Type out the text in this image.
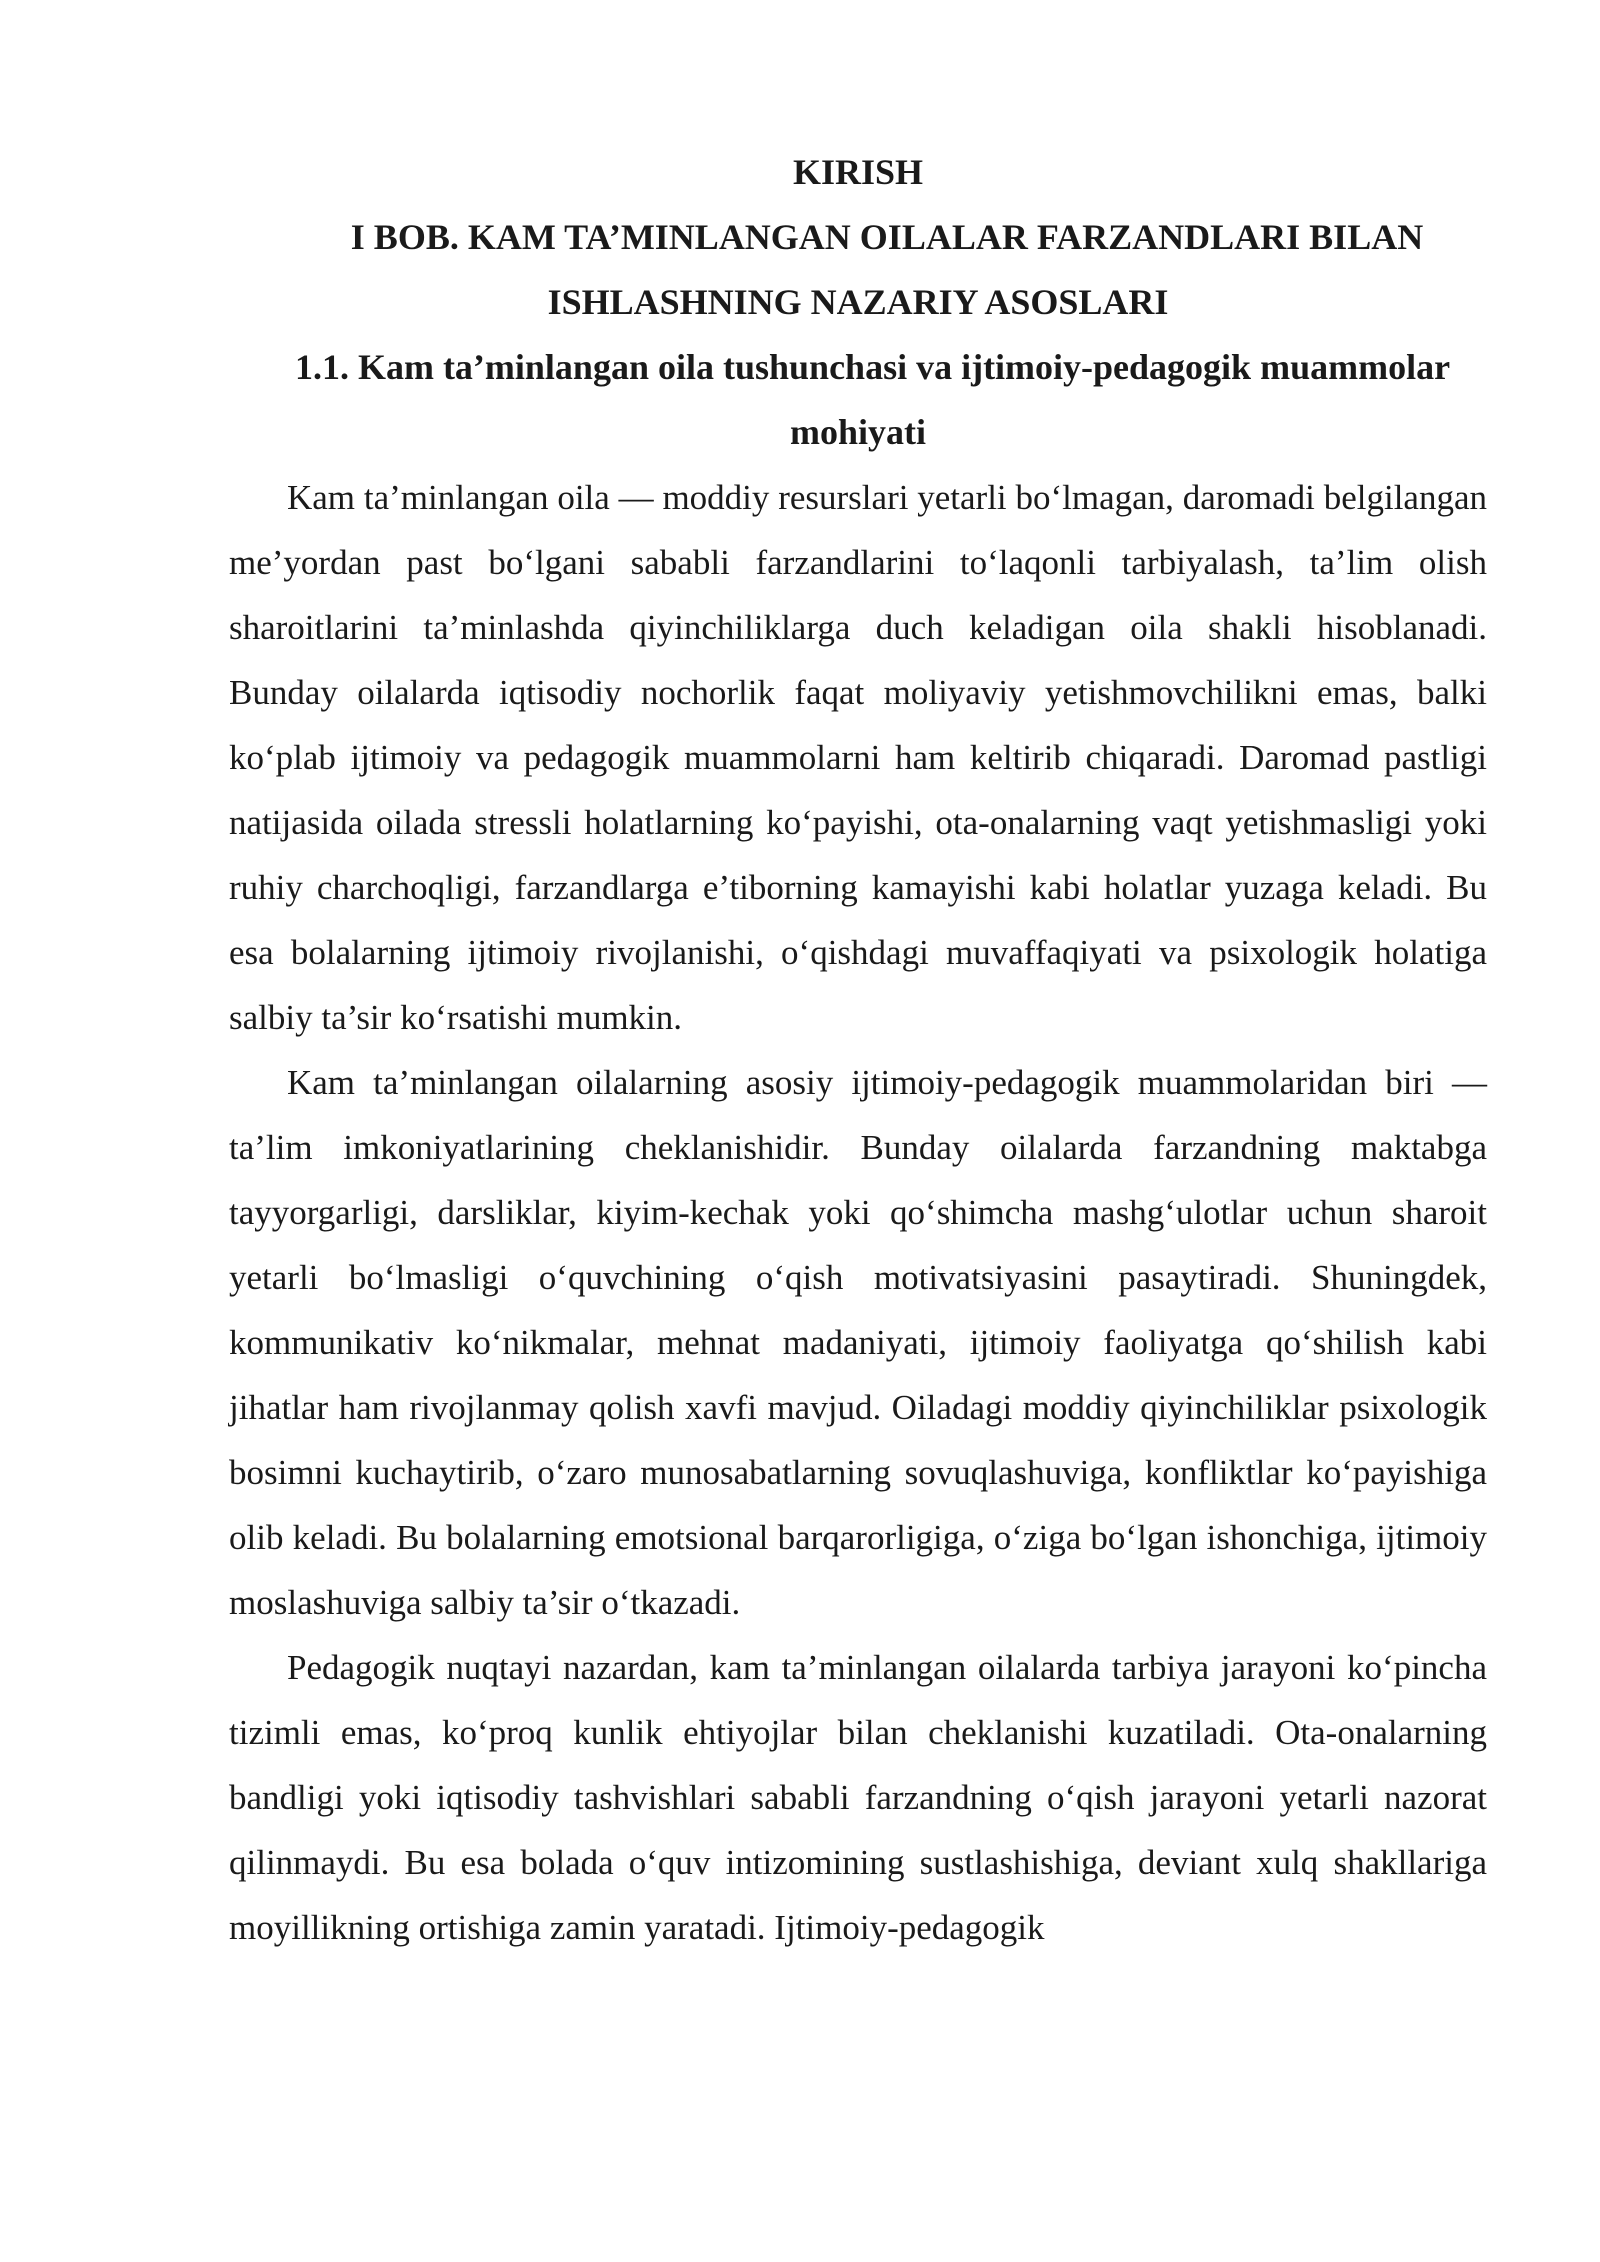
KIRISH
I BOB. KAM TA’MINLANGAN OILALAR FARZANDLARI BILAN ISHLASHNING NAZARIY ASOSLARI
1.1. Kam ta’minlangan oila tushunchasi va ijtimoiy-pedagogik muammolar mohiyati

Kam ta’minlangan oila — moddiy resurslari yetarli bo‘lmagan, daromadi belgilangan me’yordan past bo‘lgani sababli farzandlarini to‘laqonli tarbiyalash, ta’lim olish sharoitlarini ta’minlashda qiyinchiliklarga duch keladigan oila shakli hisoblanadi. Bunday oilalarda iqtisodiy nochorlik faqat moliyaviy yetishmovchilikni emas, balki ko‘plab ijtimoiy va pedagogik muammolarni ham keltirib chiqaradi. Daromad pastligi natijasida oilada stressli holatlarning ko‘payishi, ota-onalarning vaqt yetishmasligi yoki ruhiy charchoqligi, farzandlarga e’tiborning kamayishi kabi holatlar yuzaga keladi. Bu esa bolalarning ijtimoiy rivojlanishi, o‘qishdagi muvaffaqiyati va psixologik holatiga salbiy ta’sir ko‘rsatishi mumkin.

Kam ta’minlangan oilalarning asosiy ijtimoiy-pedagogik muammolaridan biri — ta’lim imkoniyatlarining cheklanishidir. Bunday oilalarda farzandning maktabga tayyorgarligi, darsliklar, kiyim-kechak yoki qo‘shimcha mashg‘ulotlar uchun sharoit yetarli bo‘lmasligi o‘quvchining o‘qish motivatsiyasini pasaytiradi. Shuningdek, kommunikativ ko‘nikmalar, mehnat madaniyati, ijtimoiy faoliyatga qo‘shilish kabi jihatlar ham rivojlanmay qolish xavfi mavjud. Oiladagi moddiy qiyinchiliklar psixologik bosimni kuchaytirib, o‘zaro munosabatlarning sovuqlashuviga, konfliktlar ko‘payishiga olib keladi. Bu bolalarning emotsional barqarorligiga, o‘ziga bo‘lgan ishonchiga, ijtimoiy moslashuviga salbiy ta’sir o‘tkazadi.

Pedagogik nuqtayi nazardan, kam ta’minlangan oilalarda tarbiya jarayoni ko‘pincha tizimli emas, ko‘proq kunlik ehtiyojlar bilan cheklanishi kuzatiladi. Ota-onalarning bandligi yoki iqtisodiy tashvishlari sababli farzandning o‘qish jarayoni yetarli nazorat qilinmaydi. Bu esa bolada o‘quv intizomining sustlashishiga, deviant xulq shakllariga moyillikning ortishiga zamin yaratadi. Ijtimoiy-pedagogik
